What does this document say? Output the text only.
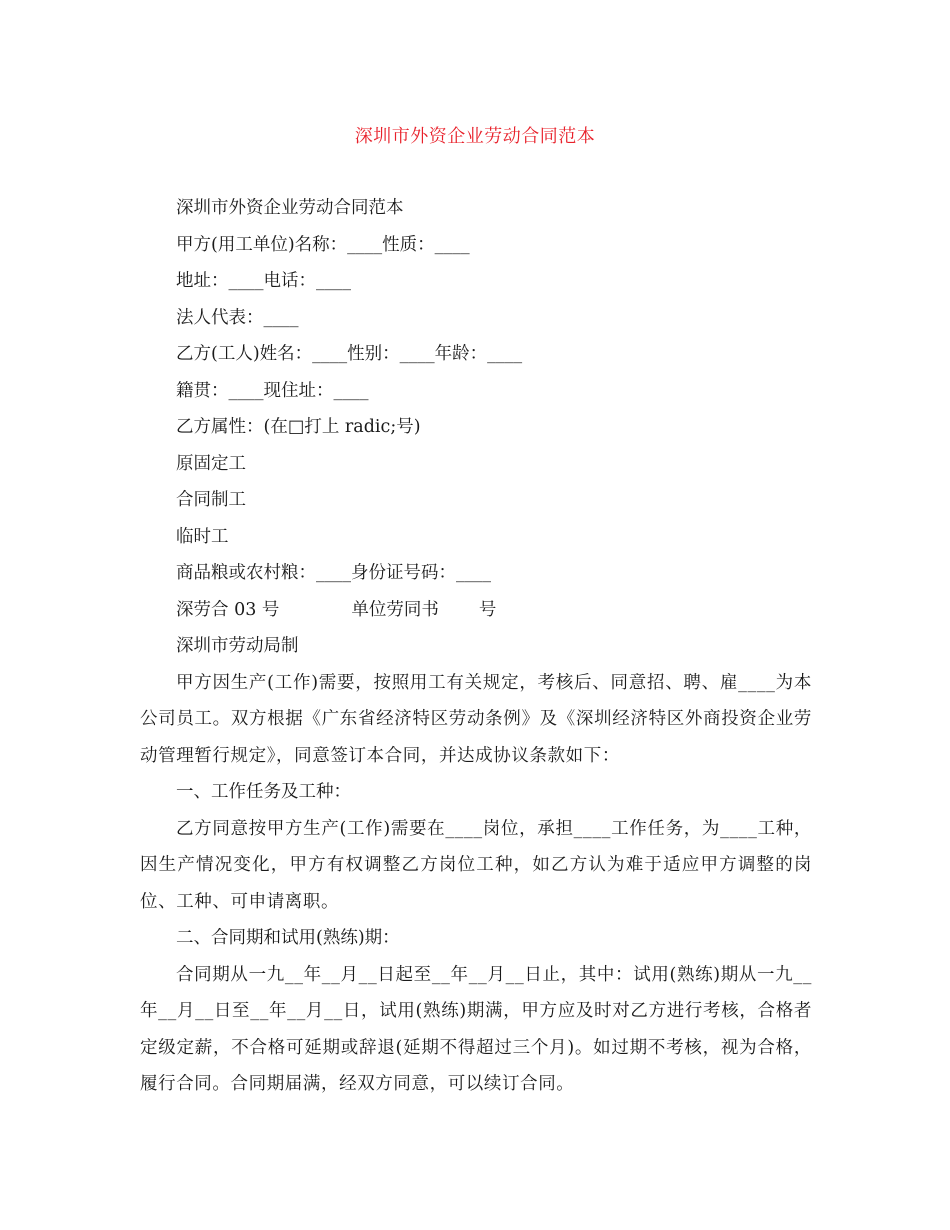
深圳市外资企业劳动合同范本
深圳市外资企业劳动合同范本
甲方(用工单位)名称：____性质：____
地址：____电话：____
法人代表：____
乙方(工人)姓名：____性别：____年龄：____
籍贯：____现住址：____
乙方属性：(在□打上 radic;号)
原固定工
合同制工
临时工
商品粮或农村粮：____身份证号码：____
深劳合 03 号	单位劳同书 号
深圳市劳动局制
甲方因生产(工作)需要，按照用工有关规定，考核后、同意招、聘、雇____为本公司员工。双方根据《广东省经济特区劳动条例》及《深圳经济特区外商投资企业劳动管理暂行规定》，同意签订本合同，并达成协议条款如下：
一、工作任务及工种：
乙方同意按甲方生产(工作)需要在____岗位，承担____工作任务，为____工种，因生产情况变化，甲方有权调整乙方岗位工种，如乙方认为难于适应甲方调整的岗位、工种、可申请离职。
二、合同期和试用(熟练)期：
合同期从一九__年__月__日起至__年__月__日止，其中：试用(熟练)期从一九__年__月__日至__年__月__日，试用(熟练)期满，甲方应及时对乙方进行考核，合格者定级定薪，不合格可延期或辞退(延期不得超过三个月)。如过期不考核，视为合格，履行合同。合同期届满，经双方同意，可以续订合同。
